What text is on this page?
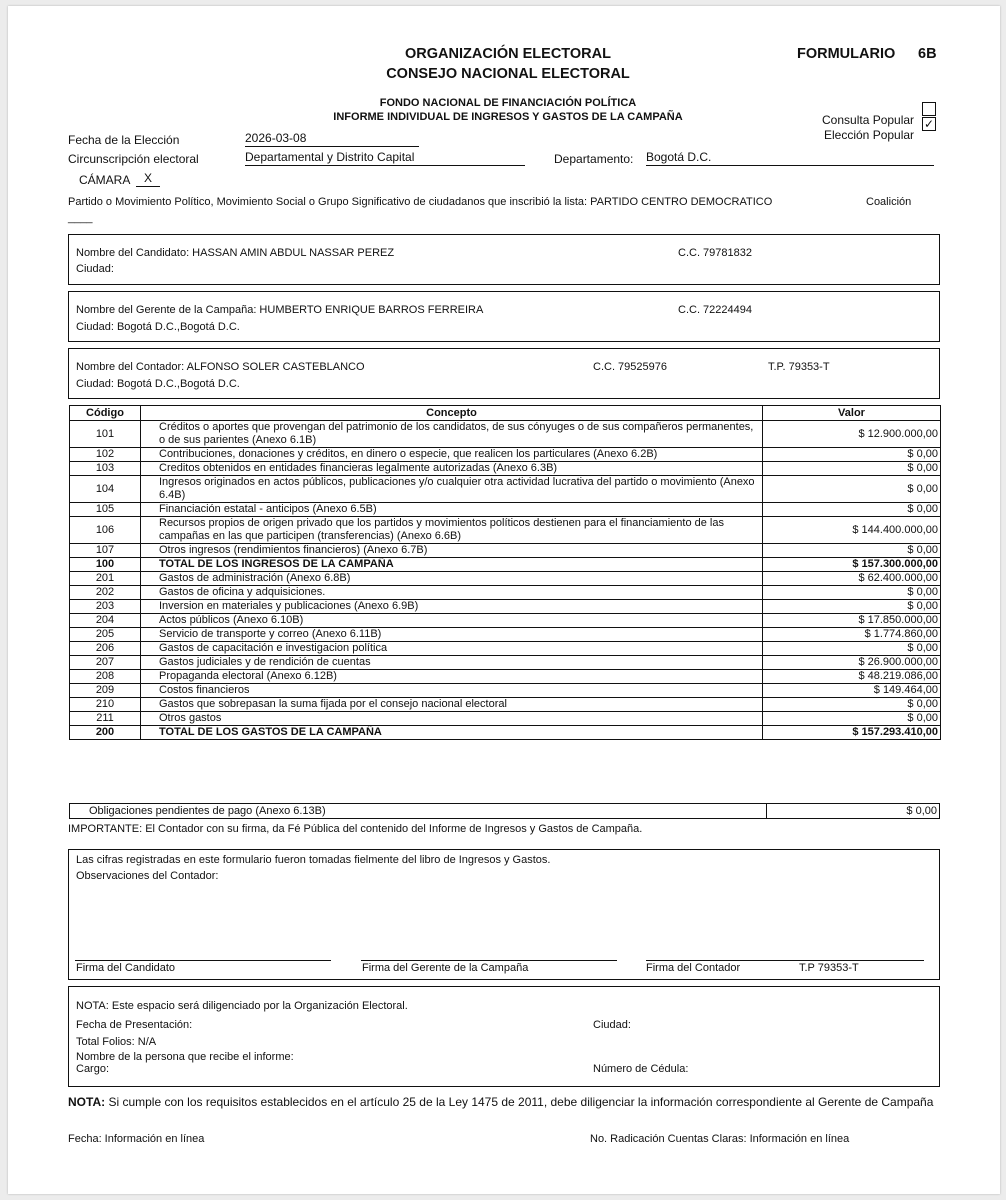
ORGANIZACIÓN ELECTORAL
CONSEJO NACIONAL ELECTORAL
FORMULARIO 6B
FONDO NACIONAL DE FINANCIACIÓN POLÍTICA
INFORME INDIVIDUAL DE INGRESOS Y GASTOS DE LA CAMPAÑA	Consulta Popular
Elección Popular
✓
Fecha de la Elección	2026-03-08
Circunscripción electoral	Departamental y Distrito Capital	Departamento: Bogotá D.C.
CÁMARA	X
Partido o Movimiento Político, Movimiento Social o Grupo Significativo de ciudadanos que inscribió la lista: PARTIDO CENTRO DEMOCRATICO	Coalición
____
Nombre del Candidato: HASSAN AMIN ABDUL NASSAR PEREZ	C.C. 79781832
Ciudad:
Nombre del Gerente de la Campaña: HUMBERTO ENRIQUE BARROS FERREIRA	C.C. 72224494
Ciudad: Bogotá D.C.,Bogotá D.C.
Nombre del Contador: ALFONSO SOLER CASTEBLANCO	C.C. 79525976	T.P. 79353-T
Ciudad: Bogotá D.C.,Bogotá D.C.
Código	Concepto	Valor
101	Créditos o aportes que provengan del patrimonio de los candidatos, de sus cónyuges o de sus compañeros permanentes, o de sus parientes (Anexo 6.1B)	$ 12.900.000,00
102	Contribuciones, donaciones y créditos, en dinero o especie, que realicen los particulares (Anexo 6.2B)	$ 0,00
103	Creditos obtenidos en entidades financieras legalmente autorizadas (Anexo 6.3B)	$ 0,00
104	Ingresos originados en actos públicos, publicaciones y/o cualquier otra actividad lucrativa del partido o movimiento (Anexo 6.4B)	$ 0,00
105	Financiación estatal - anticipos (Anexo 6.5B)	$ 0,00
106	Recursos propios de origen privado que los partidos y movimientos políticos destienen para el financiamiento de las campañas en las que participen (transferencias) (Anexo 6.6B)	$ 144.400.000,00
107	Otros ingresos (rendimientos financieros) (Anexo 6.7B)	$ 0,00
100	TOTAL DE LOS INGRESOS DE LA CAMPAÑA	$ 157.300.000,00
201	Gastos de administración (Anexo 6.8B)	$ 62.400.000,00
202	Gastos de oficina y adquisiciones.	$ 0,00
203	Inversion en materiales y publicaciones (Anexo 6.9B)	$ 0,00
204	Actos públicos (Anexo 6.10B)	$ 17.850.000,00
205	Servicio de transporte y correo (Anexo 6.11B)	$ 1.774.860,00
206	Gastos de capacitación e investigacion política	$ 0,00
207	Gastos judiciales y de rendición de cuentas	$ 26.900.000,00
208	Propaganda electoral (Anexo 6.12B)	$ 48.219.086,00
209	Costos financieros	$ 149.464,00
210	Gastos que sobrepasan la suma fijada por el consejo nacional electoral	$ 0,00
211	Otros gastos	$ 0,00
200	TOTAL DE LOS GASTOS DE LA CAMPAÑA	$ 157.293.410,00
Obligaciones pendientes de pago (Anexo 6.13B)	$ 0,00
IMPORTANTE: El Contador con su firma, da Fé Pública del contenido del Informe de Ingresos y Gastos de Campaña.
Las cifras registradas en este formulario fueron tomadas fielmente del libro de Ingresos y Gastos.
Observaciones del Contador:
Firma del Candidato	Firma del Gerente de la Campaña	Firma del Contador	T.P 79353-T
NOTA: Este espacio será diligenciado por la Organización Electoral.
Fecha de Presentación:	Ciudad:
Total Folios: N/A
Nombre de la persona que recibe el informe:
Cargo:	Número de Cédula:
NOTA: Si cumple con los requisitos establecidos en el artículo 25 de la Ley 1475 de 2011, debe diligenciar la información correspondiente al Gerente de Campaña
Fecha: Información en línea	No. Radicación Cuentas Claras: Información en línea
